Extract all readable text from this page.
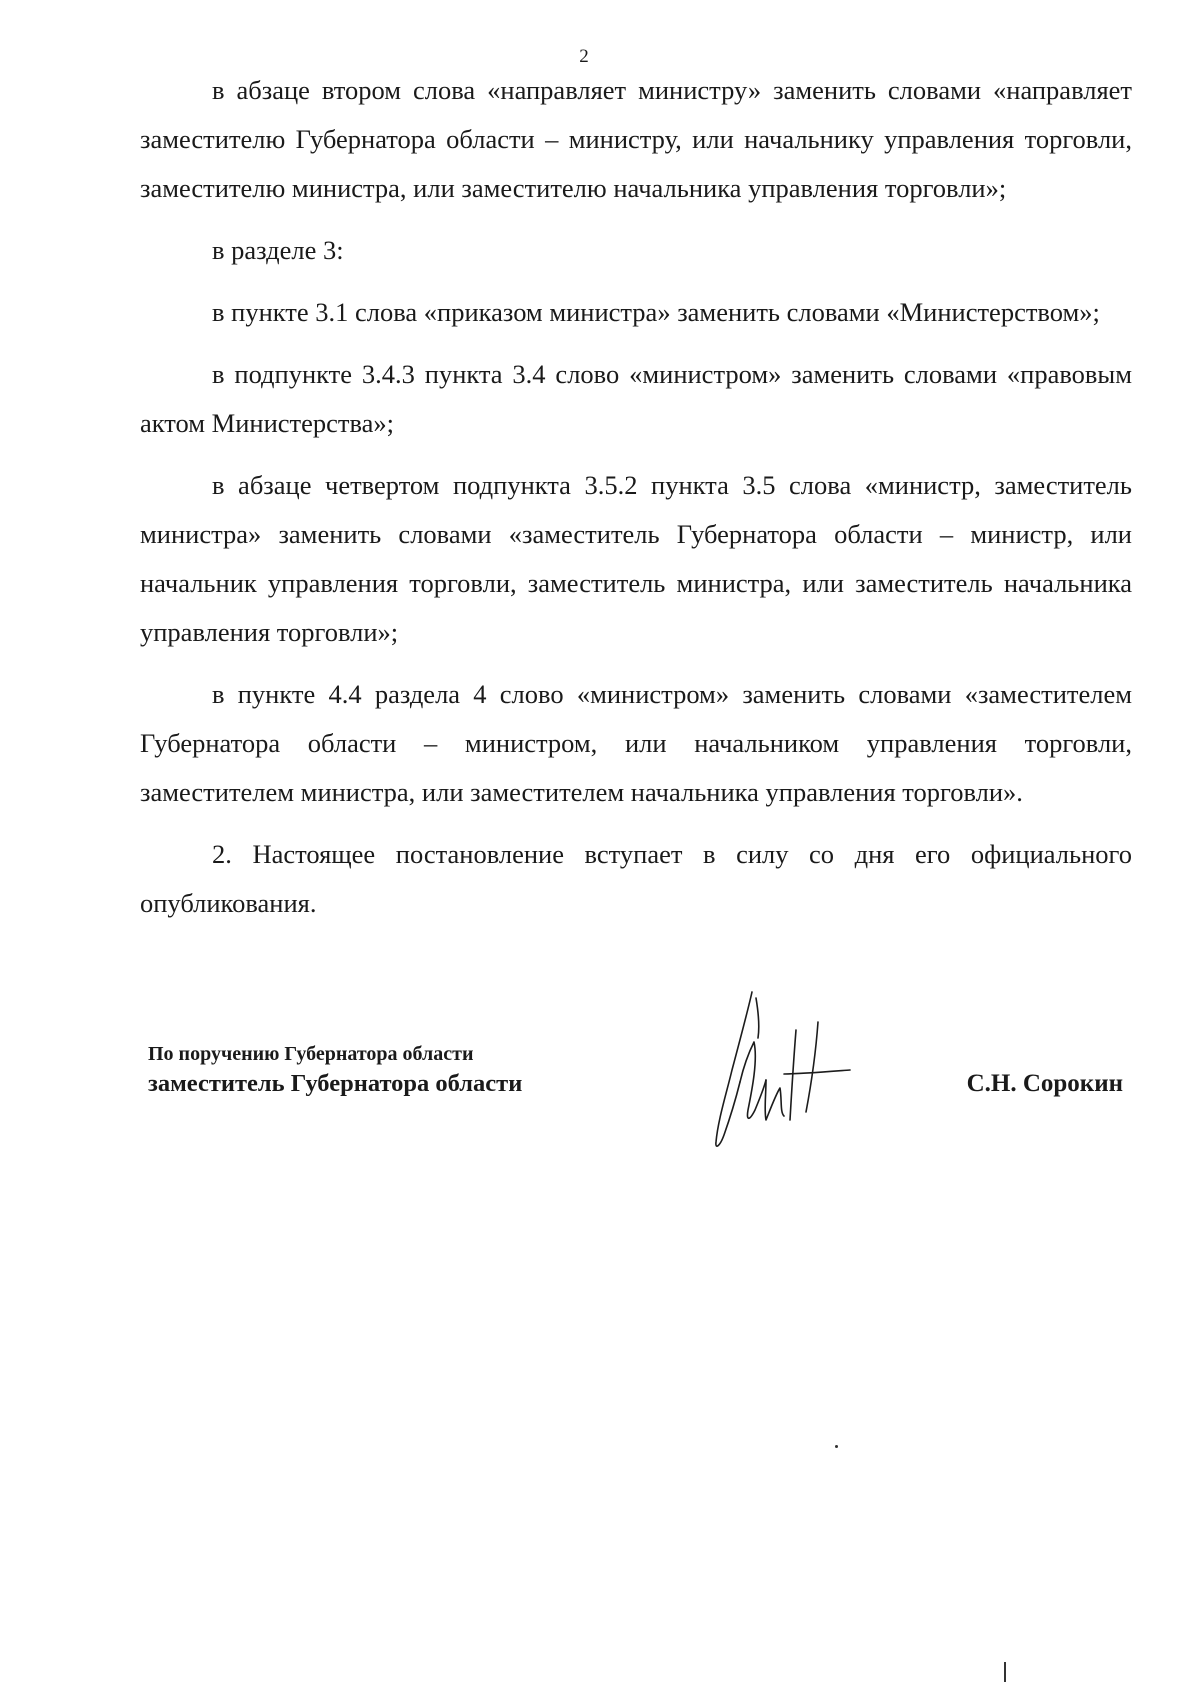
2

в абзаце втором слова «направляет министру» заменить словами «направляет заместителю Губернатора области – министру, или начальнику управления торговли, заместителю министра, или заместителю начальника управления торговли»;

в разделе 3:

в пункте 3.1 слова «приказом министра» заменить словами «Министерством»;

в подпункте 3.4.3 пункта 3.4 слово «министром» заменить словами «правовым актом Министерства»;

в абзаце четвертом подпункта 3.5.2 пункта 3.5 слова «министр, заместитель министра» заменить словами «заместитель Губернатора области – министр, или начальник управления торговли, заместитель министра, или заместитель начальника управления торговли»;

в пункте 4.4 раздела 4 слово «министром» заменить словами «заместителем Губернатора области – министром, или начальником управления торговли, заместителем министра, или заместителем начальника управления торговли».

2. Настоящее постановление вступает в силу со дня его официального опубликования.

По поручению Губернатора области
заместитель Губернатора области	С.Н. Сорокин
